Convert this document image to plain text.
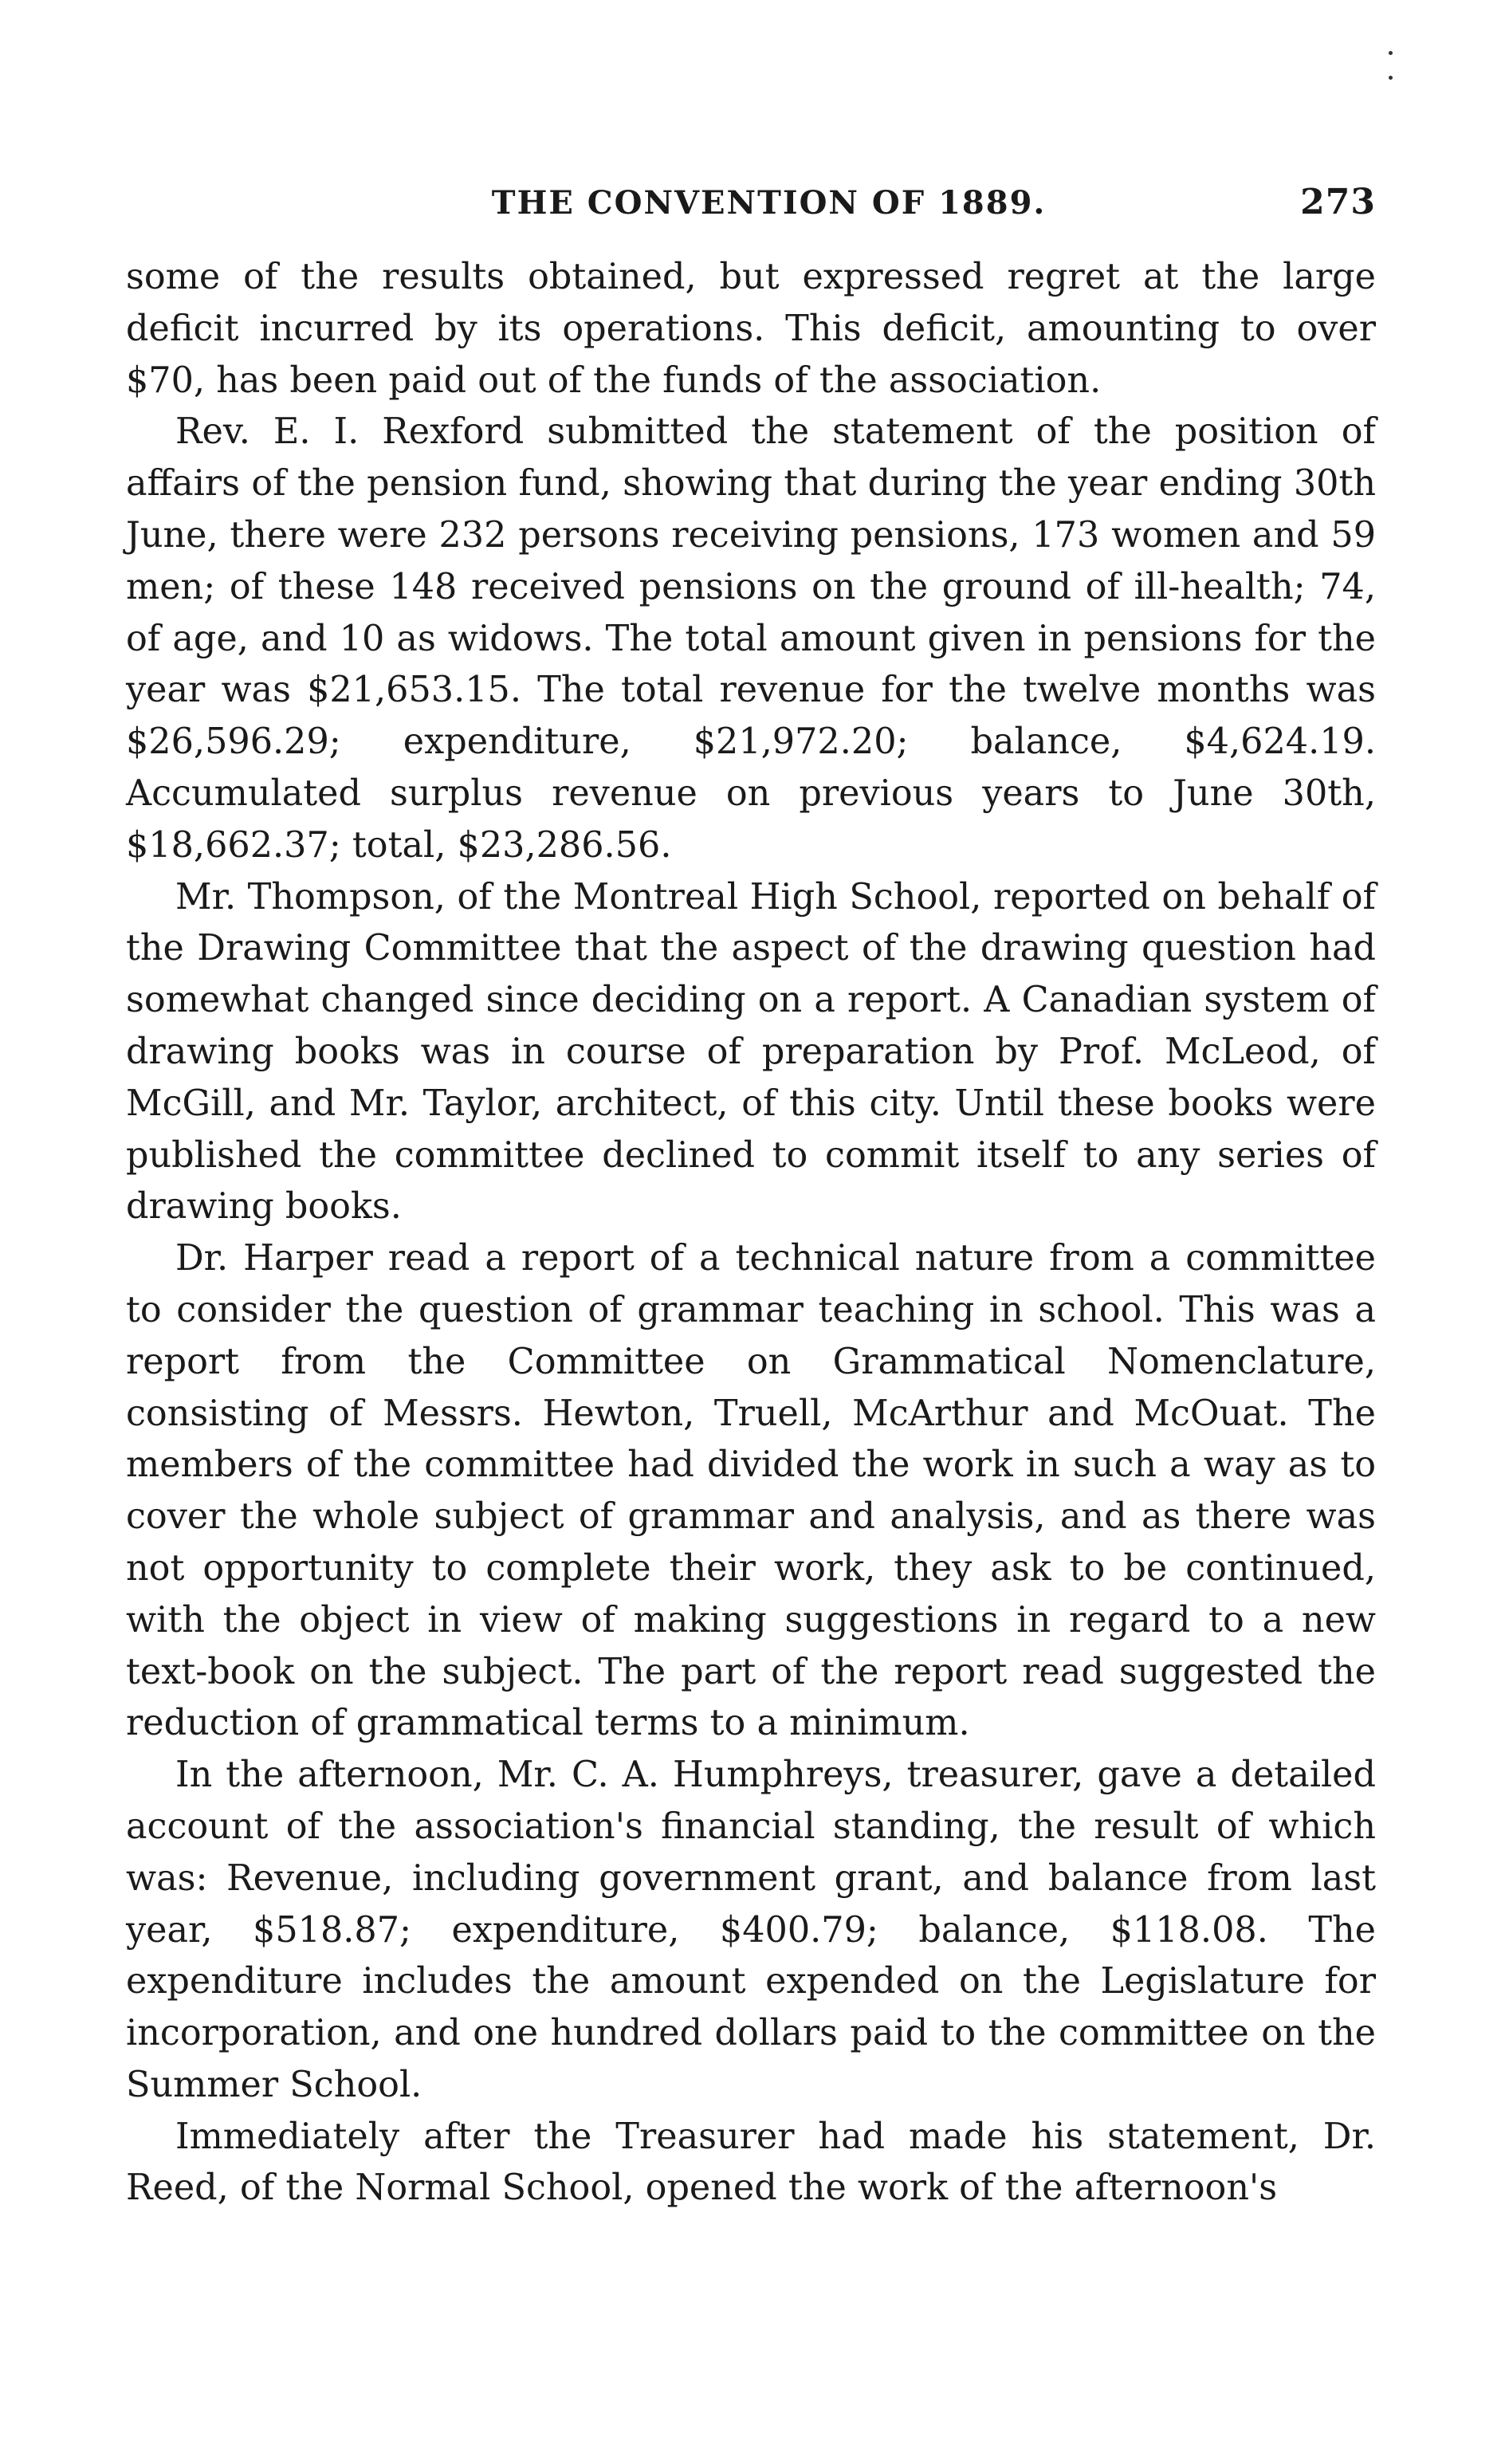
THE CONVENTION OF 1889.	273

some of the results obtained, but expressed regret at the large deficit incurred by its operations. This deficit, amounting to over $70, has been paid out of the funds of the association.

Rev. E. I. Rexford submitted the statement of the position of affairs of the pension fund, showing that during the year ending 30th June, there were 232 persons receiving pensions, 173 women and 59 men; of these 148 received pensions on the ground of ill-health; 74, of age, and 10 as widows. The total amount given in pensions for the year was $21,653.15. The total revenue for the twelve months was $26,596.29; expenditure, $21,972.20; balance, $4,624.19. Accumulated surplus revenue on previous years to June 30th, $18,662.37; total, $23,286.56.

Mr. Thompson, of the Montreal High School, reported on behalf of the Drawing Committee that the aspect of the drawing question had somewhat changed since deciding on a report. A Canadian system of drawing books was in course of preparation by Prof. McLeod, of McGill, and Mr. Taylor, architect, of this city. Until these books were published the committee declined to commit itself to any series of drawing books.

Dr. Harper read a report of a technical nature from a committee to consider the question of grammar teaching in school. This was a report from the Committee on Grammatical Nomenclature, consisting of Messrs. Hewton, Truell, McArthur and McOuat. The members of the committee had divided the work in such a way as to cover the whole subject of grammar and analysis, and as there was not opportunity to complete their work, they ask to be continued, with the object in view of making suggestions in regard to a new text-book on the subject. The part of the report read suggested the reduction of grammatical terms to a minimum.

In the afternoon, Mr. C. A. Humphreys, treasurer, gave a detailed account of the association's financial standing, the result of which was: Revenue, including government grant, and balance from last year, $518.87; expenditure, $400.79; balance, $118.08. The expenditure includes the amount expended on the Legislature for incorporation, and one hundred dollars paid to the committee on the Summer School.

Immediately after the Treasurer had made his statement, Dr. Reed, of the Normal School, opened the work of the afternoon's
